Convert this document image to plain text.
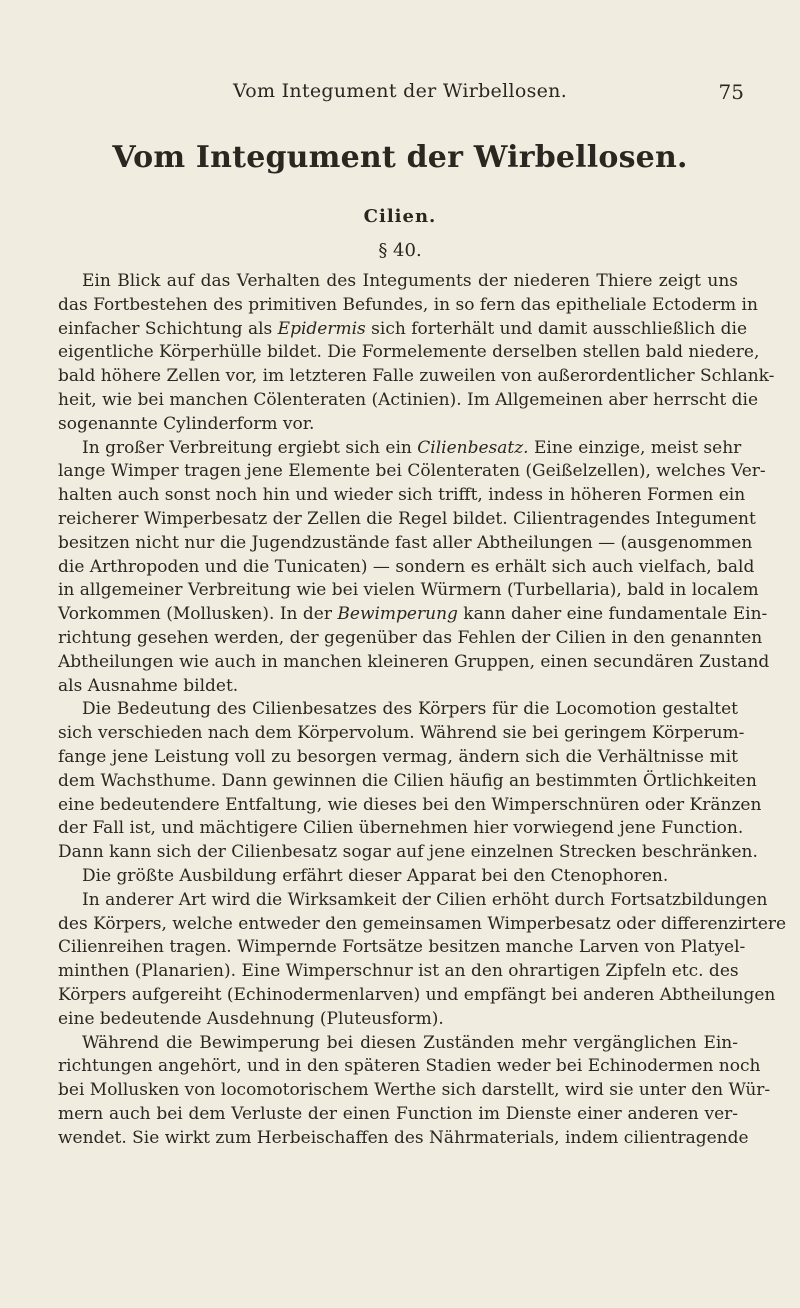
Vom Integument der Wirbellosen.	75
Vom Integument der Wirbellosen.
Cilien.
§ 40.
Ein Blick auf das Verhalten des Integuments der niederen Thiere zeigt uns
das Fortbestehen des primitiven Befundes, in so fern das epitheliale Ectoderm in
einfacher Schichtung als Epidermis sich forterhält und damit ausschließlich die
eigentliche Körperhülle bildet. Die Formelemente derselben stellen bald niedere,
bald höhere Zellen vor, im letzteren Falle zuweilen von außerordentlicher Schlank-
heit, wie bei manchen Cölenteraten (Actinien). Im Allgemeinen aber herrscht die
sogenannte Cylinderform vor.
In großer Verbreitung ergiebt sich ein Cilienbesatz. Eine einzige, meist sehr
lange Wimper tragen jene Elemente bei Cölenteraten (Geißelzellen), welches Ver-
halten auch sonst noch hin und wieder sich trifft, indess in höheren Formen ein
reicherer Wimperbesatz der Zellen die Regel bildet. Cilientragendes Integument
besitzen nicht nur die Jugendzustände fast aller Abtheilungen — (ausgenommen
die Arthropoden und die Tunicaten) — sondern es erhält sich auch vielfach, bald
in allgemeiner Verbreitung wie bei vielen Würmern (Turbellaria), bald in localem
Vorkommen (Mollusken). In der Bewimperung kann daher eine fundamentale Ein-
richtung gesehen werden, der gegenüber das Fehlen der Cilien in den genannten
Abtheilungen wie auch in manchen kleineren Gruppen, einen secundären Zustand
als Ausnahme bildet.
Die Bedeutung des Cilienbesatzes des Körpers für die Locomotion gestaltet
sich verschieden nach dem Körpervolum. Während sie bei geringem Körperum-
fange jene Leistung voll zu besorgen vermag, ändern sich die Verhältnisse mit
dem Wachsthume. Dann gewinnen die Cilien häufig an bestimmten Örtlichkeiten
eine bedeutendere Entfaltung, wie dieses bei den Wimperschnüren oder Kränzen
der Fall ist, und mächtigere Cilien übernehmen hier vorwiegend jene Function.
Dann kann sich der Cilienbesatz sogar auf jene einzelnen Strecken beschränken.
Die größte Ausbildung erfährt dieser Apparat bei den Ctenophoren.
In anderer Art wird die Wirksamkeit der Cilien erhöht durch Fortsatzbildungen
des Körpers, welche entweder den gemeinsamen Wimperbesatz oder differenzirtere
Cilienreihen tragen. Wimpernde Fortsätze besitzen manche Larven von Platyel-
minthen (Planarien). Eine Wimperschnur ist an den ohrartigen Zipfeln etc. des
Körpers aufgereiht (Echinodermenlarven) und empfängt bei anderen Abtheilungen
eine bedeutende Ausdehnung (Pluteusform).
Während die Bewimperung bei diesen Zuständen mehr vergänglichen Ein-
richtungen angehört, und in den späteren Stadien weder bei Echinodermen noch
bei Mollusken von locomotorischem Werthe sich darstellt, wird sie unter den Wür-
mern auch bei dem Verluste der einen Function im Dienste einer anderen ver-
wendet. Sie wirkt zum Herbeischaffen des Nährmaterials, indem cilientragende
